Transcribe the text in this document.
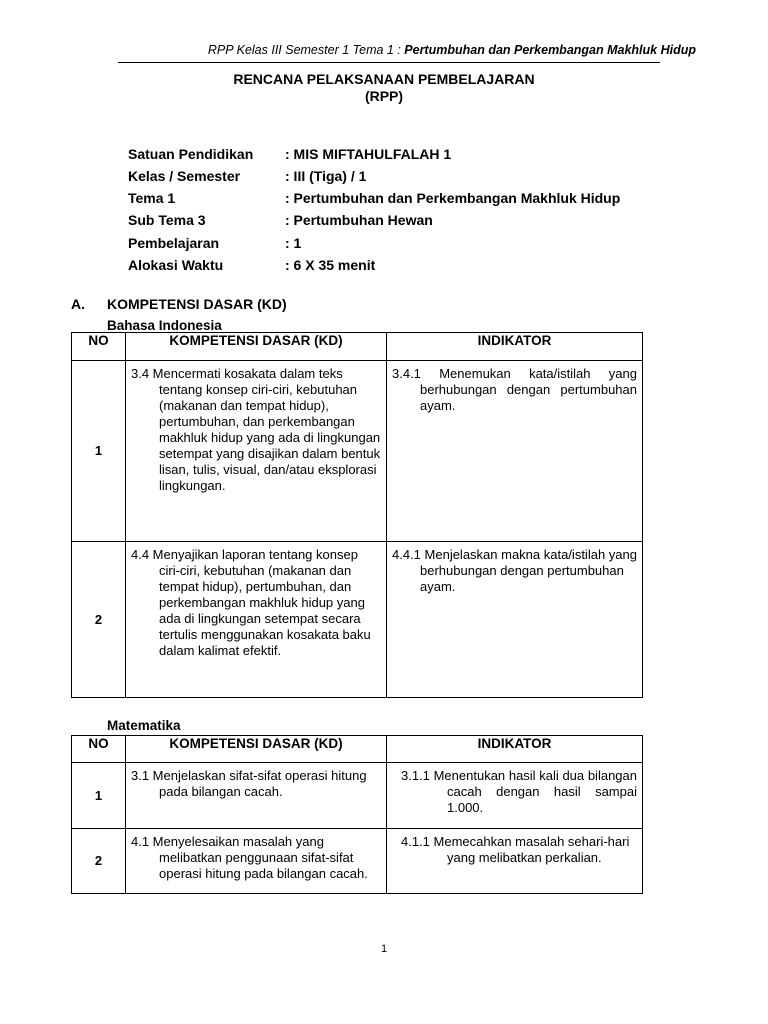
RPP Kelas III Semester 1 Tema 1 : Pertumbuhan dan Perkembangan Makhluk Hidup
RENCANA PELAKSANAAN PEMBELAJARAN
(RPP)
Satuan Pendidikan : MIS MIFTAHULFALAH 1
Kelas / Semester	: III (Tiga) / 1
Tema 1	: Pertumbuhan dan Perkembangan Makhluk Hidup
Sub Tema 3	: Pertumbuhan Hewan
Pembelajaran	: 1
Alokasi Waktu	: 6 X 35 menit
A. KOMPETENSI DASAR (KD)
Bahasa Indonesia
NO	KOMPETENSI DASAR (KD)	INDIKATOR
1	3.4 Mencermati kosakata dalam teks tentang konsep ciri-ciri, kebutuhan (makanan dan tempat hidup), pertumbuhan, dan perkembangan makhluk hidup yang ada di lingkungan setempat yang disajikan dalam bentuk lisan, tulis, visual, dan/atau eksplorasi lingkungan.	3.4.1 Menemukan kata/istilah yang berhubungan dengan pertumbuhan ayam.

2	4.4 Menyajikan laporan tentang konsep ciri-ciri, kebutuhan (makanan dan tempat hidup), pertumbuhan, dan perkembangan makhluk hidup yang ada di lingkungan setempat secara tertulis menggunakan kosakata baku dalam kalimat efektif.	4.4.1 Menjelaskan makna kata/istilah yang berhubungan dengan pertumbuhan ayam.
Matematika
NO	KOMPETENSI DASAR (KD)	INDIKATOR
1	3.1 Menjelaskan sifat-sifat operasi hitung pada bilangan cacah.	3.1.1 Menentukan hasil kali dua bilangan cacah dengan hasil sampai 1.000.

2	4.1 Menyelesaikan masalah yang melibatkan penggunaan sifat-sifat operasi hitung pada bilangan cacah.	4.1.1 Memecahkan masalah sehari-hari yang melibatkan perkalian.
1
